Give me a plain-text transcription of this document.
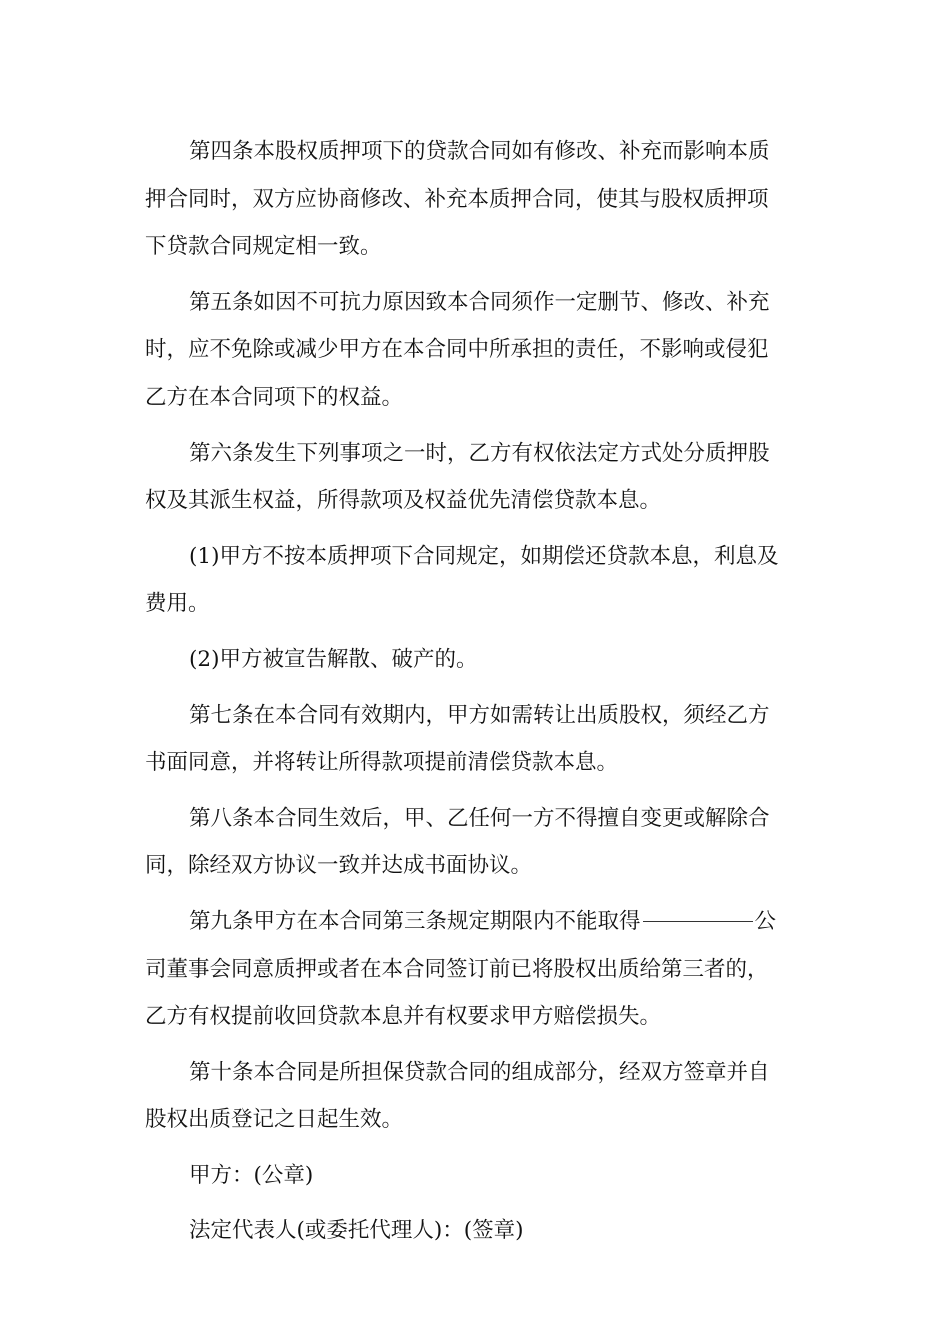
第四条本股权质押项下的贷款合同如有修改、补充而影响本质
押合同时，双方应协商修改、补充本质押合同，使其与股权质押项
下贷款合同规定相一致。

第五条如因不可抗力原因致本合同须作一定删节、修改、补充
时，应不免除或减少甲方在本合同中所承担的责任，不影响或侵犯
乙方在本合同项下的权益。

第六条发生下列事项之一时，乙方有权依法定方式处分质押股
权及其派生权益，所得款项及权益优先清偿贷款本息。

(1)甲方不按本质押项下合同规定，如期偿还贷款本息，利息及
费用。

(2)甲方被宣告解散、破产的。

第七条在本合同有效期内，甲方如需转让出质股权，须经乙方
书面同意，并将转让所得款项提前清偿贷款本息。

第八条本合同生效后，甲、乙任何一方不得擅自变更或解除合
同，除经双方协议一致并达成书面协议。

第九条甲方在本合同第三条规定期限内不能取得	公
司董事会同意质押或者在本合同签订前已将股权出质给第三者的，
乙方有权提前收回贷款本息并有权要求甲方赔偿损失。

第十条本合同是所担保贷款合同的组成部分，经双方签章并自
股权出质登记之日起生效。

甲方：(公章)

法定代表人(或委托代理人)：(签章)
